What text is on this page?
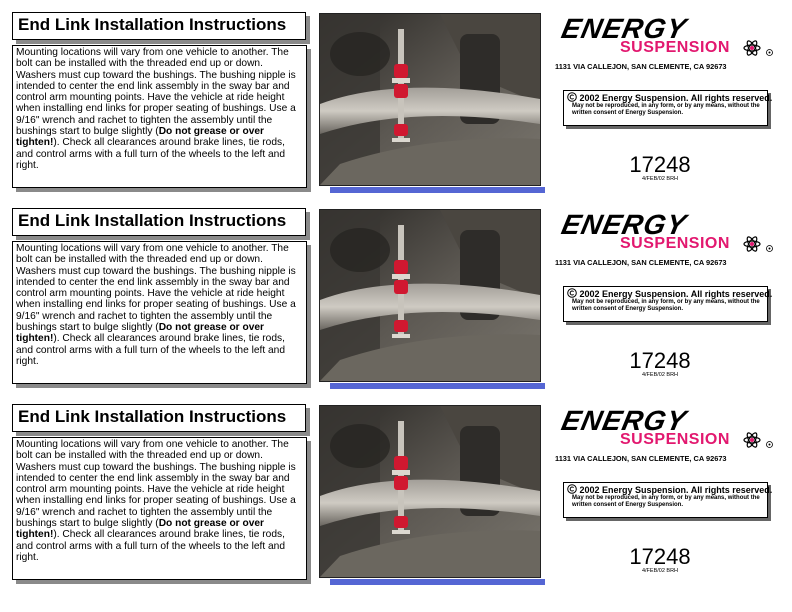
End Link Installation Instructions
Mounting locations will vary from one vehicle to another. The bolt can be installed with the threaded end up or down. Washers must cup toward the bushings. The bushing nipple is intended to center the end link assembly in the sway bar and control arm mounting points. Have the vehicle at ride height when installing end links for proper seating of bushings. Use a 9/16" wrench and rachet to tighten the assembly until the bushings start to bulge slightly (Do not grease or over tighten!). Check all clearances around brake lines, tie rods, and control arms with a full turn of the wheels to the left and right.
ENERGY
SUSPENSION
1131 VIA CALLEJON, SAN CLEMENTE, CA 92673
2002 Energy Suspension. All rights reserved.
May not be reproduced, in any form, or by any means, without the written consent of Energy Suspension.
17248
4/FEB/02 BRH
End Link Installation Instructions
Mounting locations will vary from one vehicle to another. The bolt can be installed with the threaded end up or down. Washers must cup toward the bushings. The bushing nipple is intended to center the end link assembly in the sway bar and control arm mounting points. Have the vehicle at ride height when installing end links for proper seating of bushings. Use a 9/16" wrench and rachet to tighten the assembly until the bushings start to bulge slightly (Do not grease or over tighten!). Check all clearances around brake lines, tie rods, and control arms with a full turn of the wheels to the left and right.
ENERGY
SUSPENSION
1131 VIA CALLEJON, SAN CLEMENTE, CA 92673
2002 Energy Suspension. All rights reserved.
May not be reproduced, in any form, or by any means, without the written consent of Energy Suspension.
17248
4/FEB/02 BRH
End Link Installation Instructions
Mounting locations will vary from one vehicle to another. The bolt can be installed with the threaded end up or down. Washers must cup toward the bushings. The bushing nipple is intended to center the end link assembly in the sway bar and control arm mounting points. Have the vehicle at ride height when installing end links for proper seating of bushings. Use a 9/16" wrench and rachet to tighten the assembly until the bushings start to bulge slightly (Do not grease or over tighten!). Check all clearances around brake lines, tie rods, and control arms with a full turn of the wheels to the left and right.
ENERGY
SUSPENSION
1131 VIA CALLEJON, SAN CLEMENTE, CA 92673
2002 Energy Suspension. All rights reserved.
May not be reproduced, in any form, or by any means, without the written consent of Energy Suspension.
17248
4/FEB/02 BRH
